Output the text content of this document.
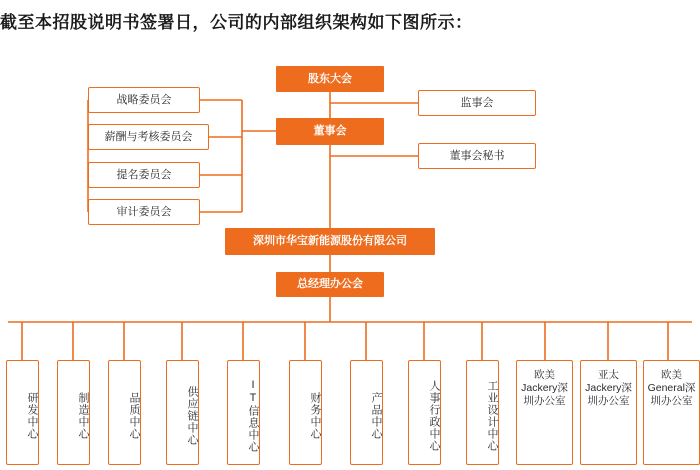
截至本招股说明书签署日，公司的内部组织架构如下图所示：
股东大会
董事会
监事会
董事会秘书
战略委员会
薪酬与考核委员会
提名委员会
审计委员会
深圳市华宝新能源股份有限公司
总经理办公会
研发中心	制造中心	品质中心	供应链中心	IT信息中心	财务中心	产品中心	人事行政中心	工业设计中心
欧美Jackery深圳办公室
亚太Jackery深圳办公室
欧美General深圳办公室
